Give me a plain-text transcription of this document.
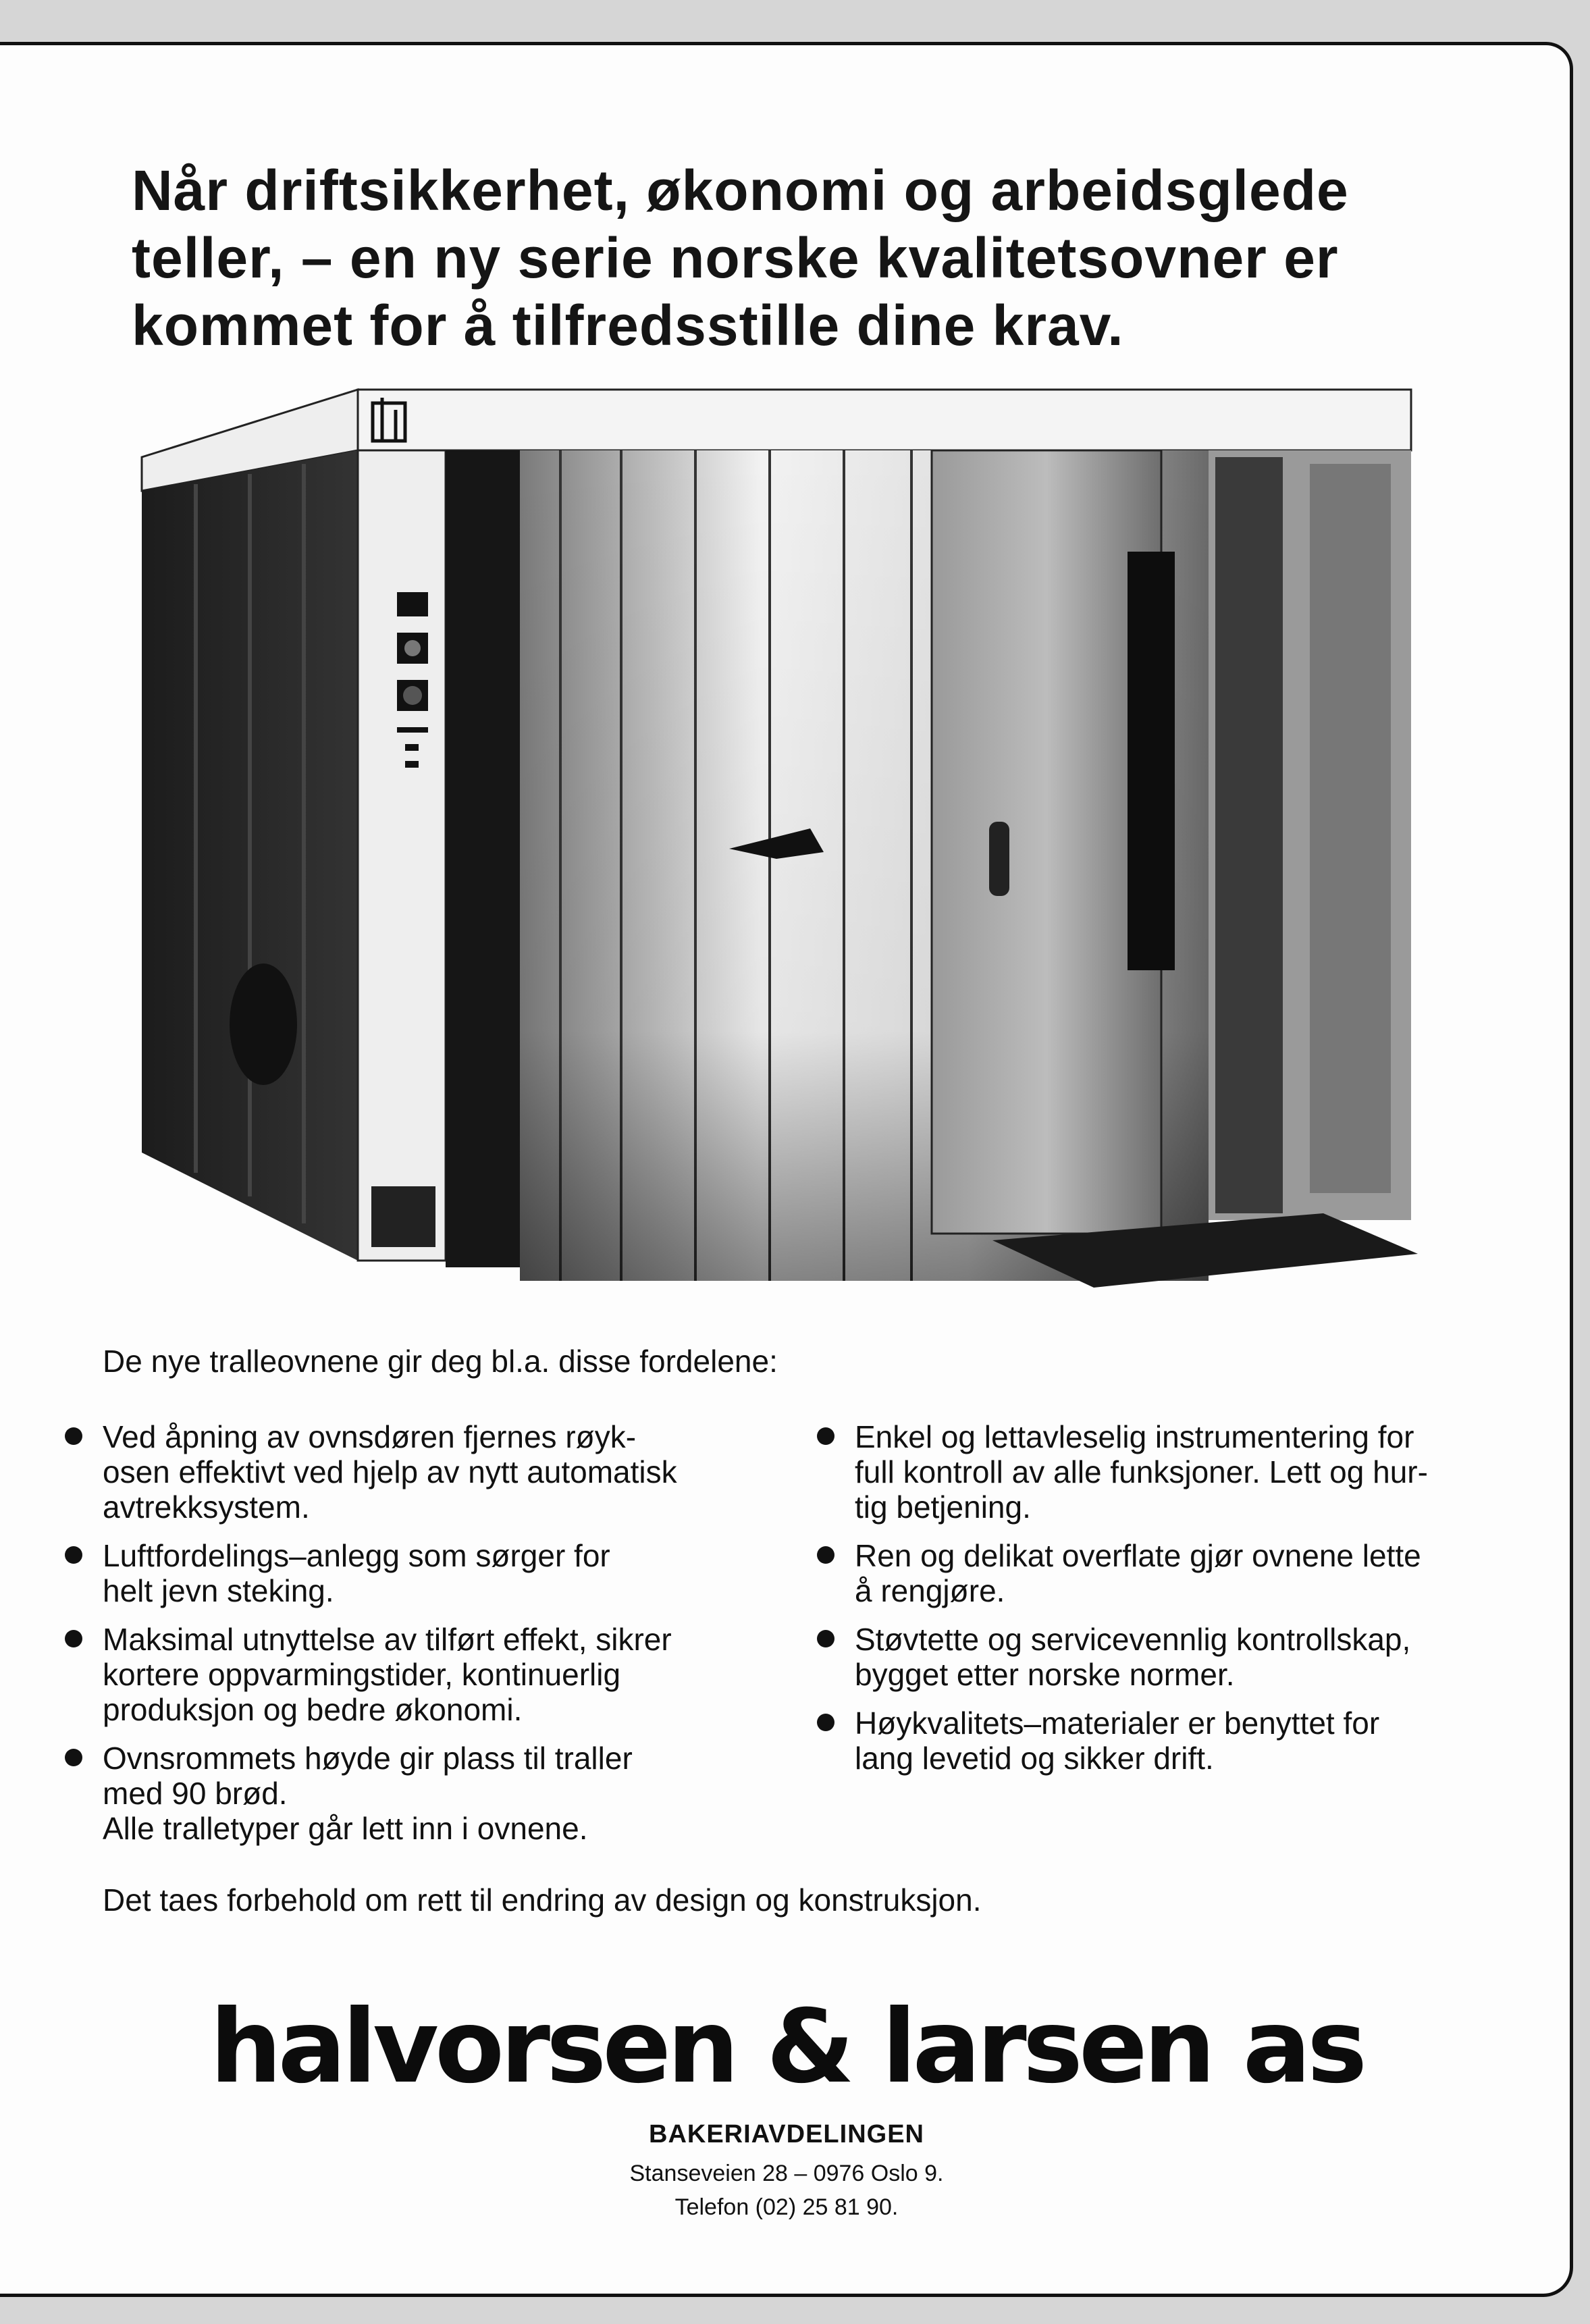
Når driftsikkerhet, økonomi og arbeidsglede teller, – en ny serie norske kvalitetsovner er kommet for å tilfredsstille dine krav.

De nye tralleovnene gir deg bl.a. disse fordelene:

Ved åpning av ovnsdøren fjernes røyk-
osen effektivt ved hjelp av nytt automatisk
avtrekksystem.
Luftfordelings–anlegg som sørger for
helt jevn steking.
Maksimal utnyttelse av tilført effekt, sikrer
kortere oppvarmingstider, kontinuerlig
produksjon og bedre økonomi.
Ovnsrommets høyde gir plass til traller
med 90 brød.
Alle tralletyper går lett inn i ovnene.
Enkel og lettavleselig instrumentering for
full kontroll av alle funksjoner. Lett og hur-
tig betjening.
Ren og delikat overflate gjør ovnene lette
å rengjøre.
Støvtette og servicevennlig kontrollskap,
bygget etter norske normer.
Høykvalitets–materialer er benyttet for
lang levetid og sikker drift.

Det taes forbehold om rett til endring av design og konstruksjon.

halvorsen & larsen as

BAKERIAVDELINGEN

Stanseveien 28 – 0976 Oslo 9.

Telefon (02) 25 81 90.
